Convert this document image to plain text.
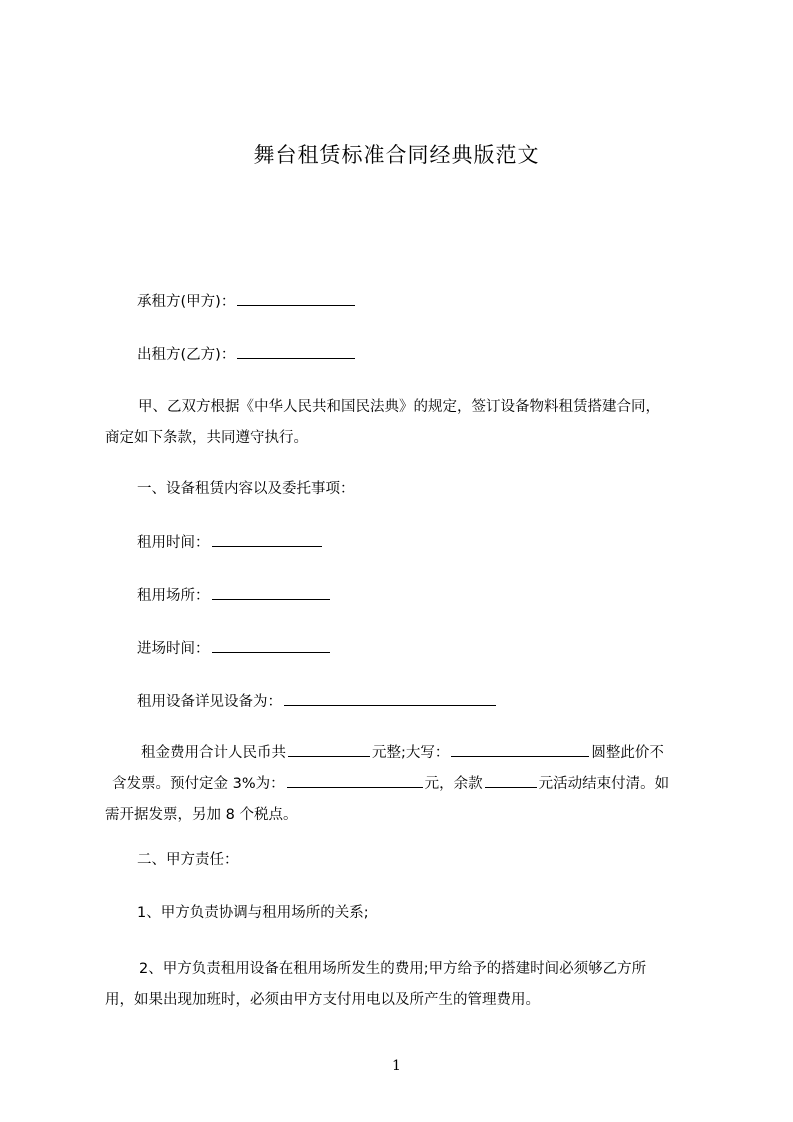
舞台租赁标准合同经典版范文
承租方(甲方)：
出租方(乙方)：
甲、乙双方根据《中华人民共和国民法典》的规定，签订设备物料租赁搭建合同，
商定如下条款，共同遵守执行。
一、设备租赁内容以及委托事项：
租用时间：
租用场所：
进场时间：
租用设备详见设备为：
租金费用合计人民币共	元整;大写：	圆整此价不
含发票。预付定金 3%为：	元，余款	元活动结束付清。如
需开据发票，另加 8 个税点。
二、甲方责任：
1、甲方负责协调与租用场所的关系;
2、甲方负责租用设备在租用场所发生的费用;甲方给予的搭建时间必须够乙方所
用，如果出现加班时，必须由甲方支付用电以及所产生的管理费用。
1
